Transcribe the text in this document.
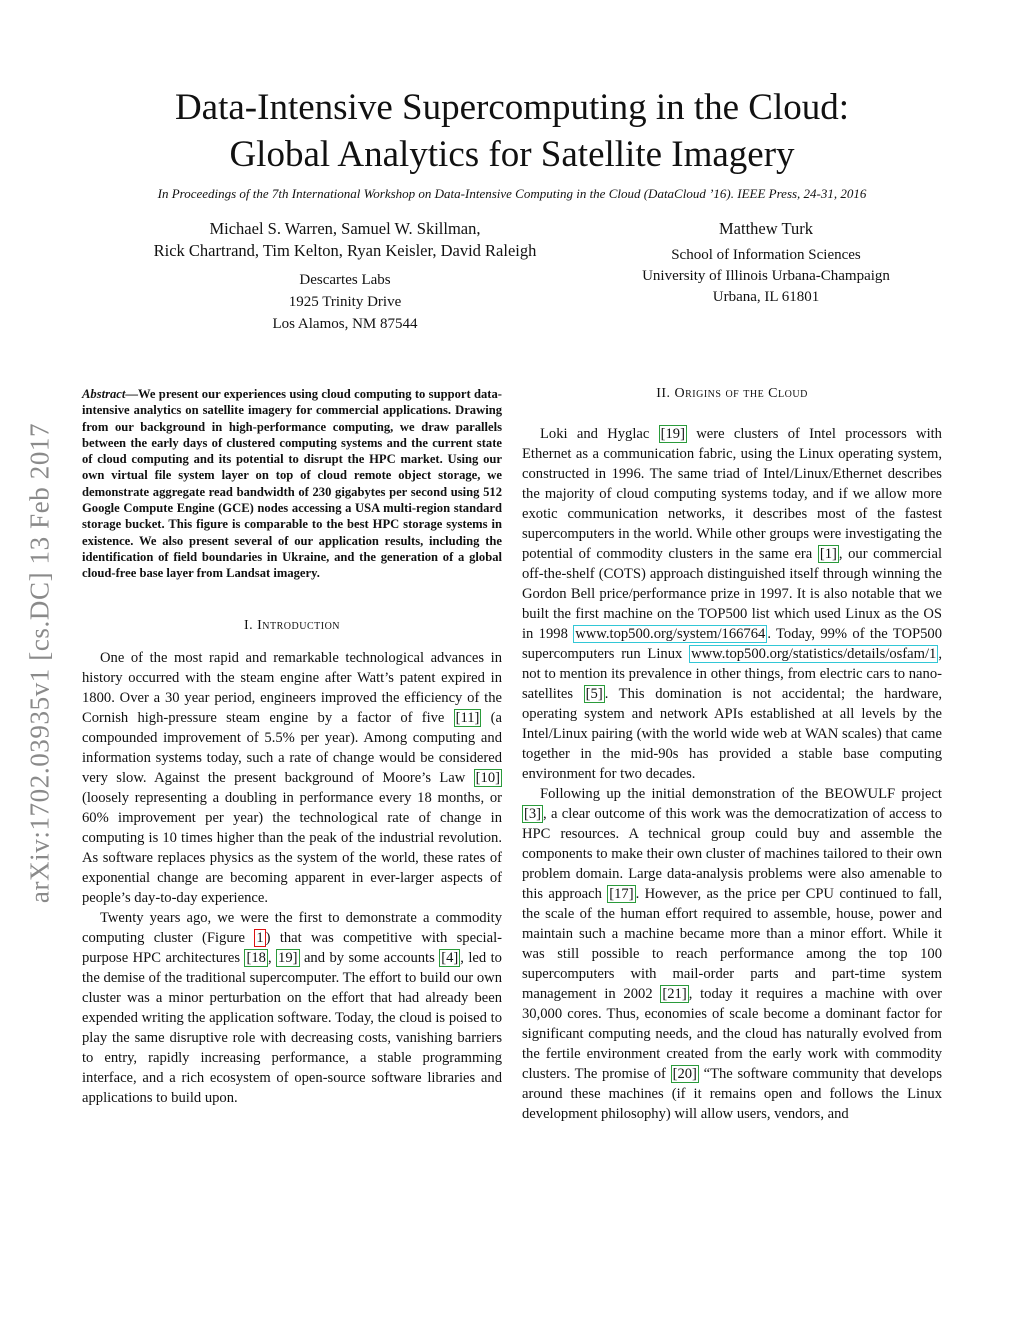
arXiv:1702.03935v1 [cs.DC] 13 Feb 2017
Data-Intensive Supercomputing in the Cloud:
Global Analytics for Satellite Imagery
In Proceedings of the 7th International Workshop on Data-Intensive Computing in the Cloud (DataCloud ’16). IEEE Press, 24-31, 2016
Michael S. Warren, Samuel W. Skillman,
Rick Chartrand, Tim Kelton, Ryan Keisler, David Raleigh
Descartes Labs
1925 Trinity Drive
Los Alamos, NM 87544
Matthew Turk
School of Information Sciences
University of Illinois Urbana-Champaign
Urbana, IL 61801
Abstract—We present our experiences using cloud computing to support data-intensive analytics on satellite imagery for commercial applications. Drawing from our background in high-performance computing, we draw parallels between the early days of clustered computing systems and the current state of cloud computing and its potential to disrupt the HPC market. Using our own virtual file system layer on top of cloud remote object storage, we demonstrate aggregate read bandwidth of 230 gigabytes per second using 512 Google Compute Engine (GCE) nodes accessing a USA multi-region standard storage bucket. This figure is comparable to the best HPC storage systems in existence. We also present several of our application results, including the identification of field boundaries in Ukraine, and the generation of a global cloud-free base layer from Landsat imagery.
I. Introduction

One of the most rapid and remarkable technological advances in history occurred with the steam engine after Watt’s patent expired in 1800. Over a 30 year period, engineers improved the efficiency of the Cornish high-pressure steam engine by a factor of five [11] (a compounded improvement of 5.5% per year). Among computing and information systems today, such a rate of change would be considered very slow. Against the present background of Moore’s Law [10] (loosely representing a doubling in performance every 18 months, or 60% improvement per year) the technological rate of change in computing is 10 times higher than the peak of the industrial revolution. As software replaces physics as the system of the world, these rates of exponential change are becoming apparent in ever-larger aspects of people’s day-to-day experience.

Twenty years ago, we were the first to demonstrate a commodity computing cluster (Figure 1 ) that was competitive with special-purpose HPC architectures [18 , 19] and by some accounts [4] , led to the demise of the traditional supercomputer. The effort to build our own cluster was a minor perturbation on the effort that had already been expended writing the application software. Today, the cloud is poised to play the same disruptive role with decreasing costs, vanishing barriers to entry, rapidly increasing performance, a stable programming interface, and a rich ecosystem of open-source software libraries and applications to build upon.

II. Origins of the Cloud

Loki and Hyglac [19] were clusters of Intel processors with Ethernet as a communication fabric, using the Linux operating system, constructed in 1996. The same triad of Intel/Linux/Ethernet describes the majority of cloud computing systems today, and if we allow more exotic communication networks, it describes most of the fastest supercomputers in the world. While other groups were investigating the potential of commodity clusters in the same era [1] , our commercial off-the-shelf (COTS) approach distinguished itself through winning the Gordon Bell price/performance prize in 1997. It is also notable that we built the first machine on the TOP500 list which used Linux as the OS in 1998 www.top500.org/system/166764 . Today, 99% of the TOP500 supercomputers run Linux www.top500.org/statistics/details/osfam/1 , not to mention its prevalence in other things, from electric cars to nano-satellites [5] . This domination is not accidental; the hardware, operating system and network APIs established at all levels by the Intel/Linux pairing (with the world wide web at WAN scales) that came together in the mid-90s has provided a stable base computing environment for two decades.

Following up the initial demonstration of the BEOWULF project [3] , a clear outcome of this work was the democratization of access to HPC resources. A technical group could buy and assemble the components to make their own cluster of machines tailored to their own problem domain. Large data-analysis problems were also amenable to this approach [17] . However, as the price per CPU continued to fall, the scale of the human effort required to assemble, house, power and maintain such a machine became more than a minor effort. While it was still possible to reach performance among the top 100 supercomputers with mail-order parts and part-time system management in 2002 [21] , today it requires a machine with over 30,000 cores. Thus, economies of scale become a dominant factor for significant computing needs, and the cloud has naturally evolved from the fertile environment created from the early work with commodity clusters. The promise of [20] “The software community that develops around these machines (if it remains open and follows the Linux development philosophy) will allow users, vendors, and
